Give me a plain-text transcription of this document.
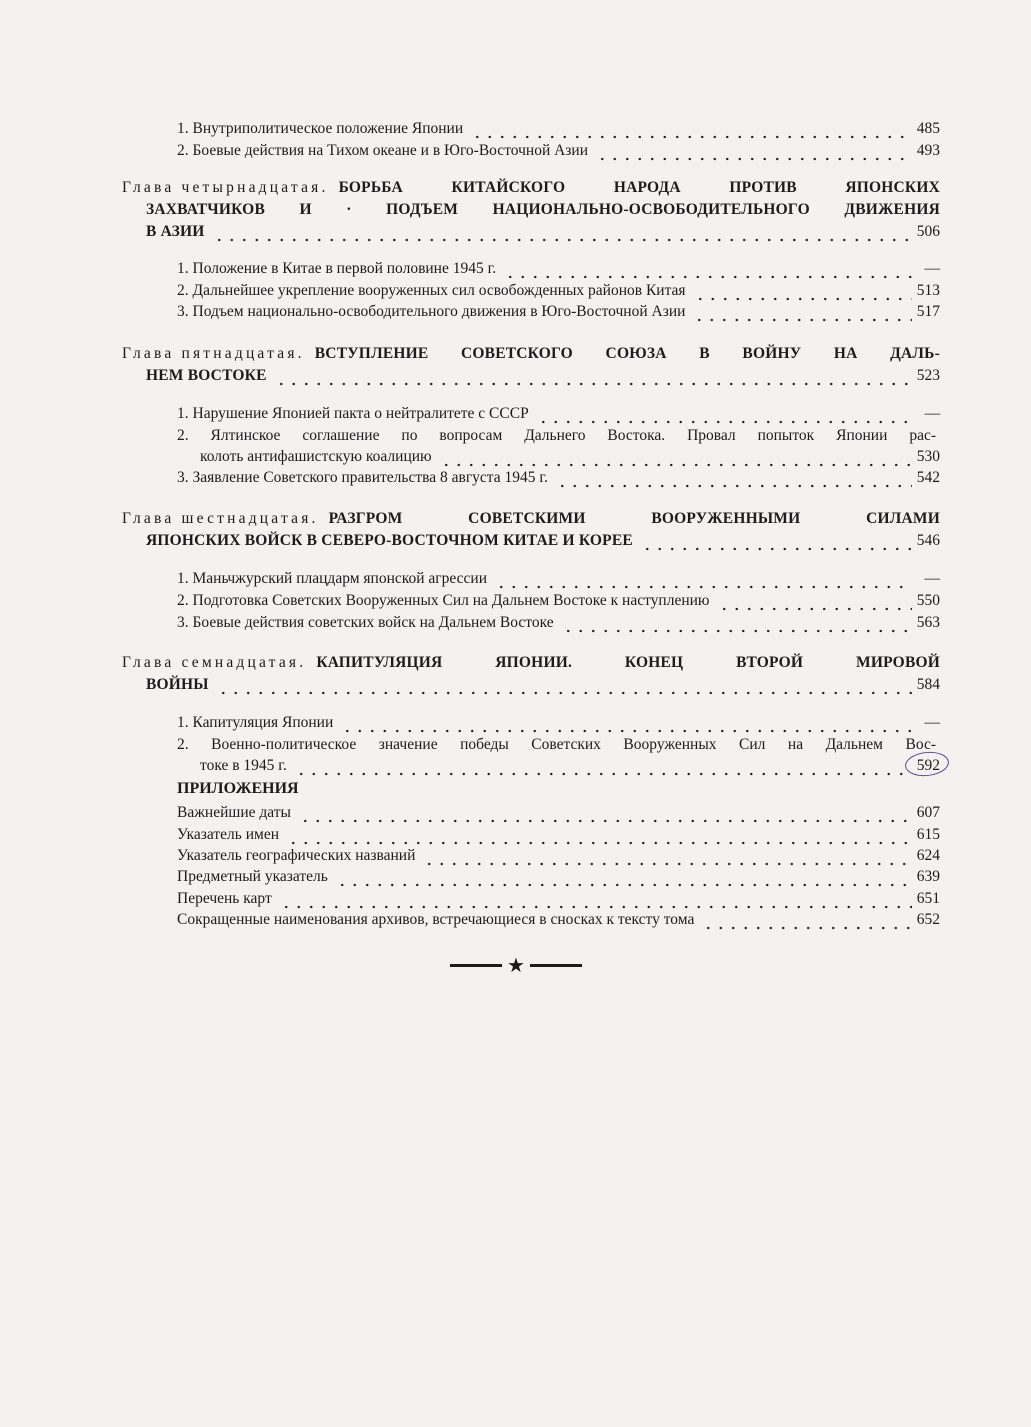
1. Внутриполитическое положение Японии	485
2. Боевые действия на Тихом океане и в Юго-Восточной Азии	493
Глава четырнадцатая. БОРЬБА КИТАЙСКОГО НАРОДА ПРОТИВ ЯПОНСКИХ
ЗАХВАТЧИКОВ И · ПОДЪЕМ НАЦИОНАЛЬНО-ОСВОБОДИТЕЛЬНОГО ДВИЖЕНИЯ
В АЗИИ	506
1. Положение в Китае в первой половине 1945 г.	—
2. Дальнейшее укрепление вооруженных сил освобожденных районов Китая	513
3. Подъем национально-освободительного движения в Юго-Восточной Азии	517
Глава пятнадцатая. ВСТУПЛЕНИЕ СОВЕТСКОГО СОЮЗА В ВОЙНУ НА ДАЛЬ-
НЕМ ВОСТОКЕ	523
1. Нарушение Японией пакта о нейтралитете с СССР	—
2. Ялтинское соглашение по вопросам Дальнего Востока. Провал попыток Японии рас-
колоть антифашистскую коалицию	530
3. Заявление Советского правительства 8 августа 1945 г.	542
Глава шестнадцатая. РАЗГРОМ СОВЕТСКИМИ ВООРУЖЕННЫМИ СИЛАМИ
ЯПОНСКИХ ВОЙСК В СЕВЕРО-ВОСТОЧНОМ КИТАЕ И КОРЕЕ	546
1. Маньчжурский плацдарм японской агрессии	—
2. Подготовка Советских Вооруженных Сил на Дальнем Востоке к наступлению	550
3. Боевые действия советских войск на Дальнем Востоке	563
Глава семнадцатая. КАПИТУЛЯЦИЯ ЯПОНИИ. КОНЕЦ ВТОРОЙ МИРОВОЙ
ВОЙНЫ	584
1. Капитуляция Японии	—
2. Военно-политическое значение победы Советских Вооруженных Сил на Дальнем Вос-
токе в 1945 г.	592
ПРИЛОЖЕНИЯ
Важнейшие даты	607
Указатель имен	615
Указатель географических названий	624
Предметный указатель	639
Перечень карт	651
Сокращенные наименования архивов, встречающиеся в сносках к тексту тома	652
★
